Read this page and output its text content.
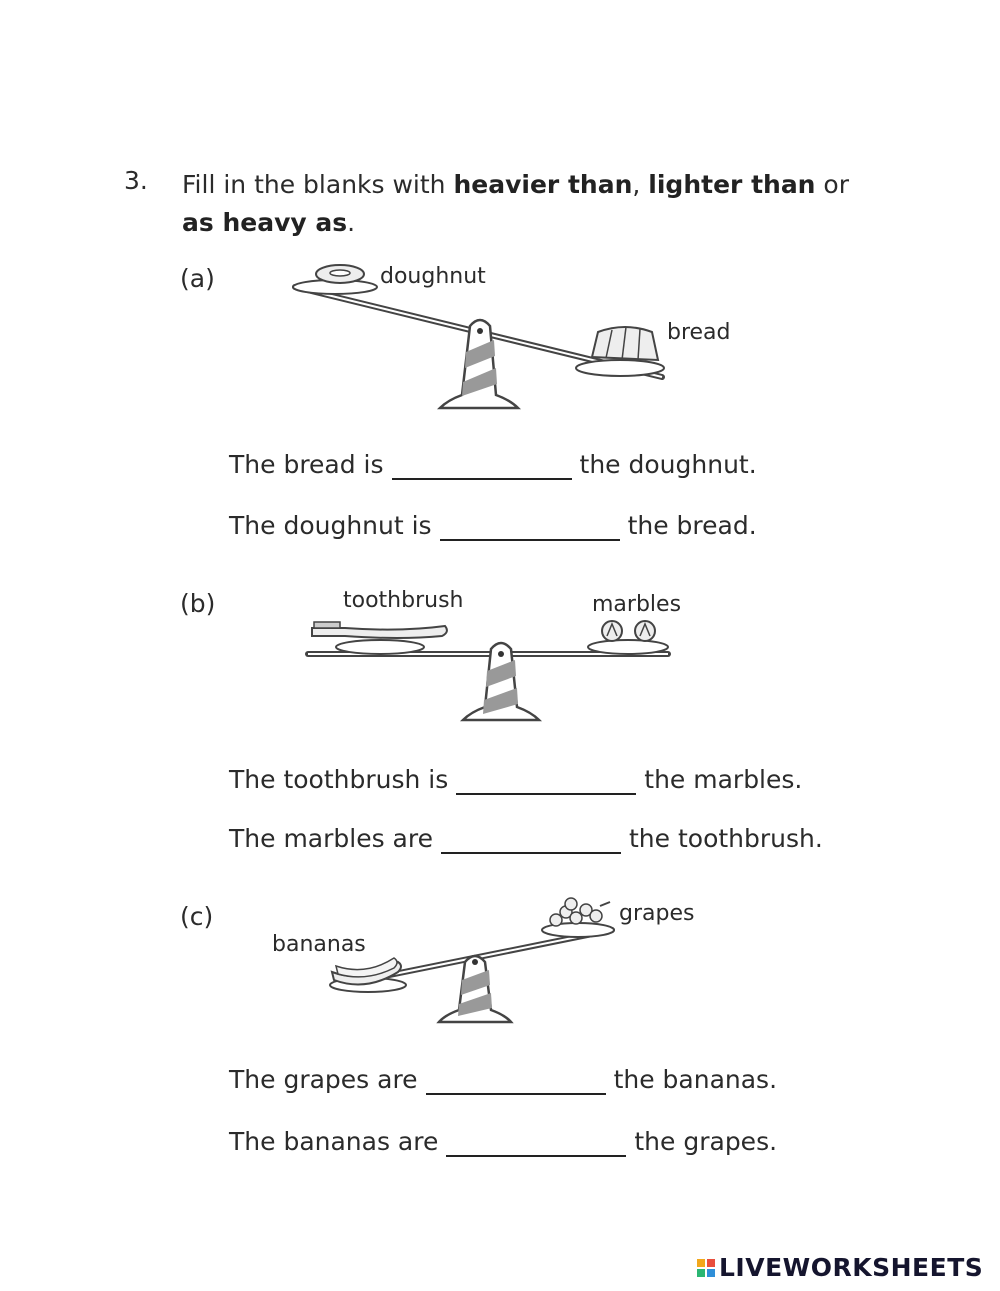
3. Fill in the blanks with heavier than, lighter than or
as heavy as.
(a)	doughnut
bread
The bread is	the doughnut.
The doughnut is	the bread.
(b)	toothbrush	marbles
The toothbrush is	the marbles.
The marbles are	the toothbrush.
(c)
bananas
grapes
The grapes are	the bananas.
The bananas are	the grapes.
LIVEWORKSHEETS
